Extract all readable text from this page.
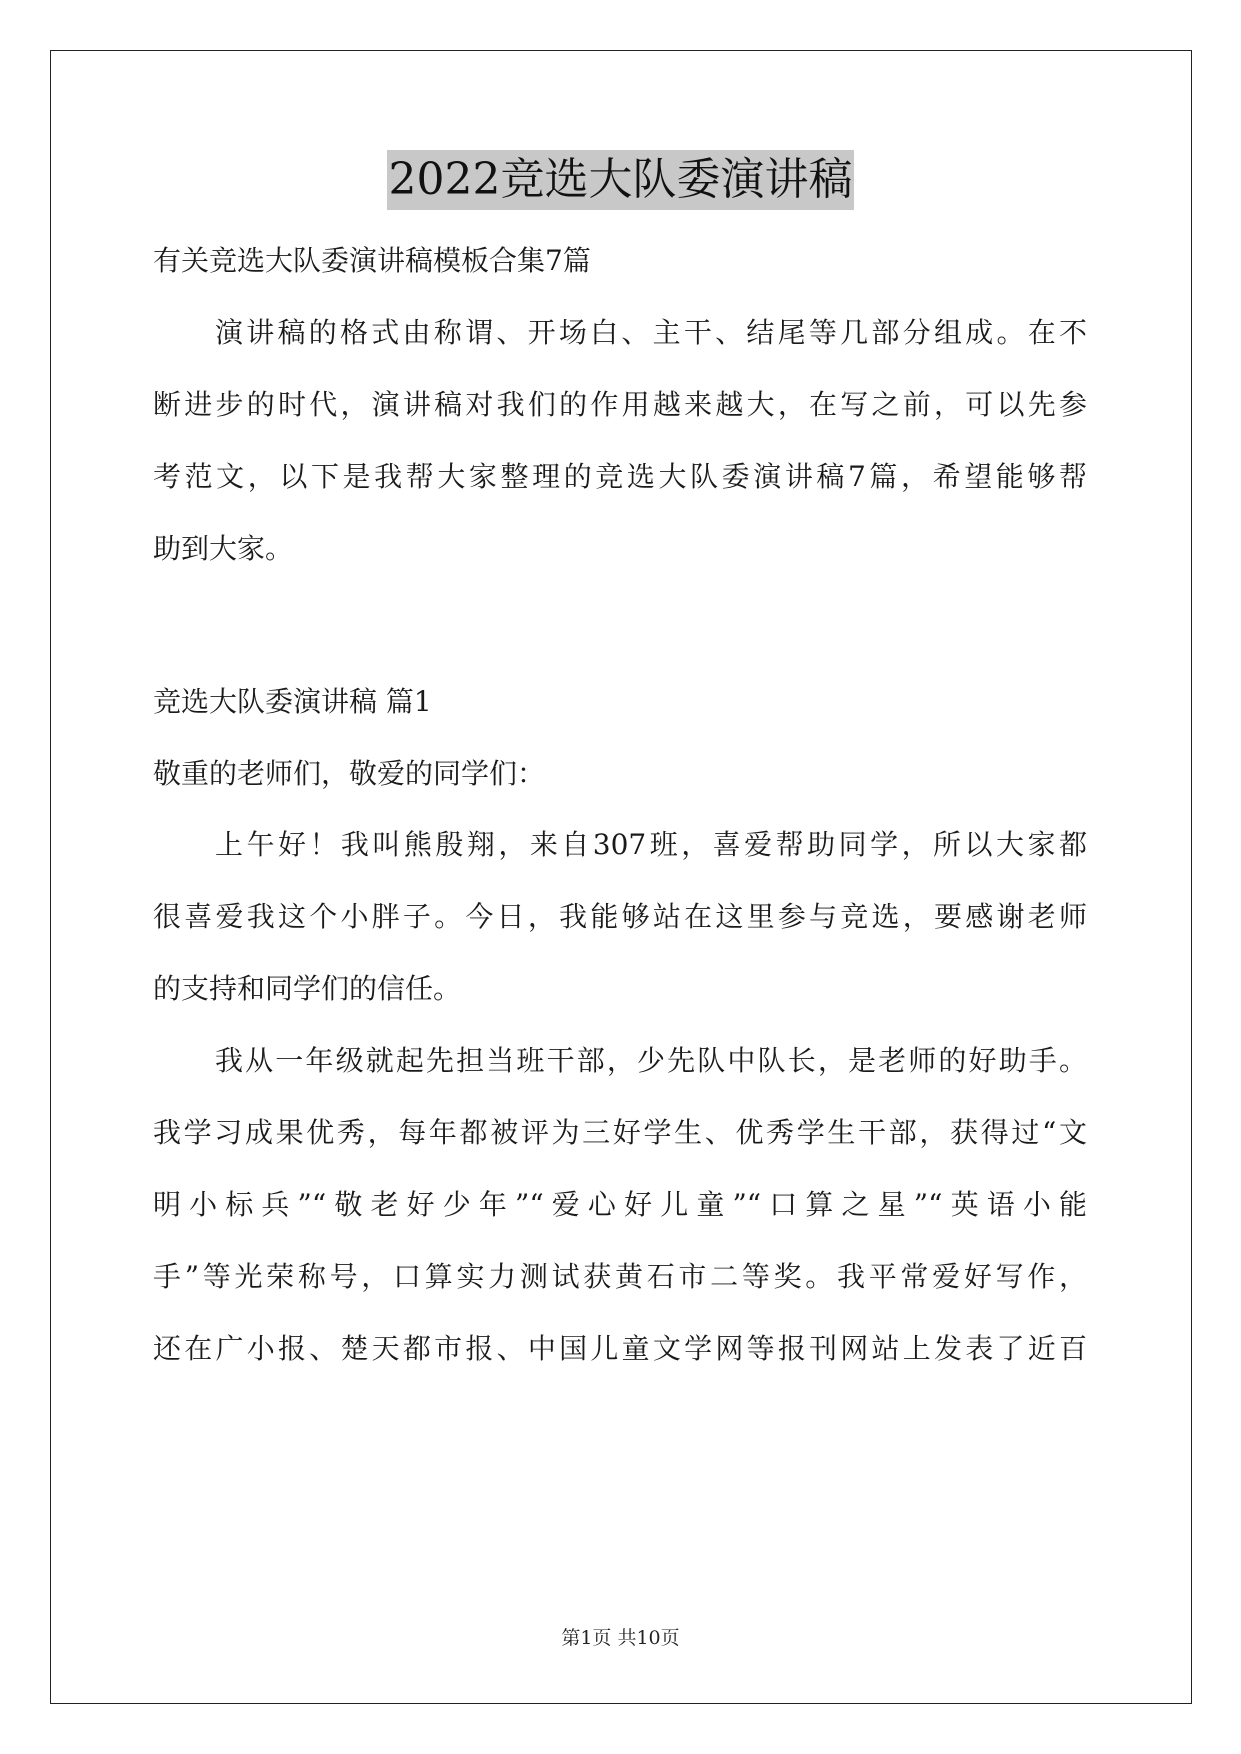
2022竞选大队委演讲稿
有关竞选大队委演讲稿模板合集7篇
演讲稿的格式由称谓、开场白、主干、结尾等几部分组成。在不
断进步的时代，演讲稿对我们的作用越来越大，在写之前，可以先参
考范文，以下是我帮大家整理的竞选大队委演讲稿7篇，希望能够帮
助到大家。
竞选大队委演讲稿 篇1
敬重的老师们，敬爱的同学们：
上午好！我叫熊殷翔，来自307班，喜爱帮助同学，所以大家都
很喜爱我这个小胖子。今日，我能够站在这里参与竞选，要感谢老师
的支持和同学们的信任。
我从一年级就起先担当班干部，少先队中队长，是老师的好助手。
我学习成果优秀，每年都被评为三好学生、优秀学生干部，获得过“文
明小标兵”“敬老好少年”“爱心好儿童”“口算之星”“英语小能
手”等光荣称号，口算实力测试获黄石市二等奖。我平常爱好写作，
还在广小报、楚天都市报、中国儿童文学网等报刊网站上发表了近百
第1页 共10页
